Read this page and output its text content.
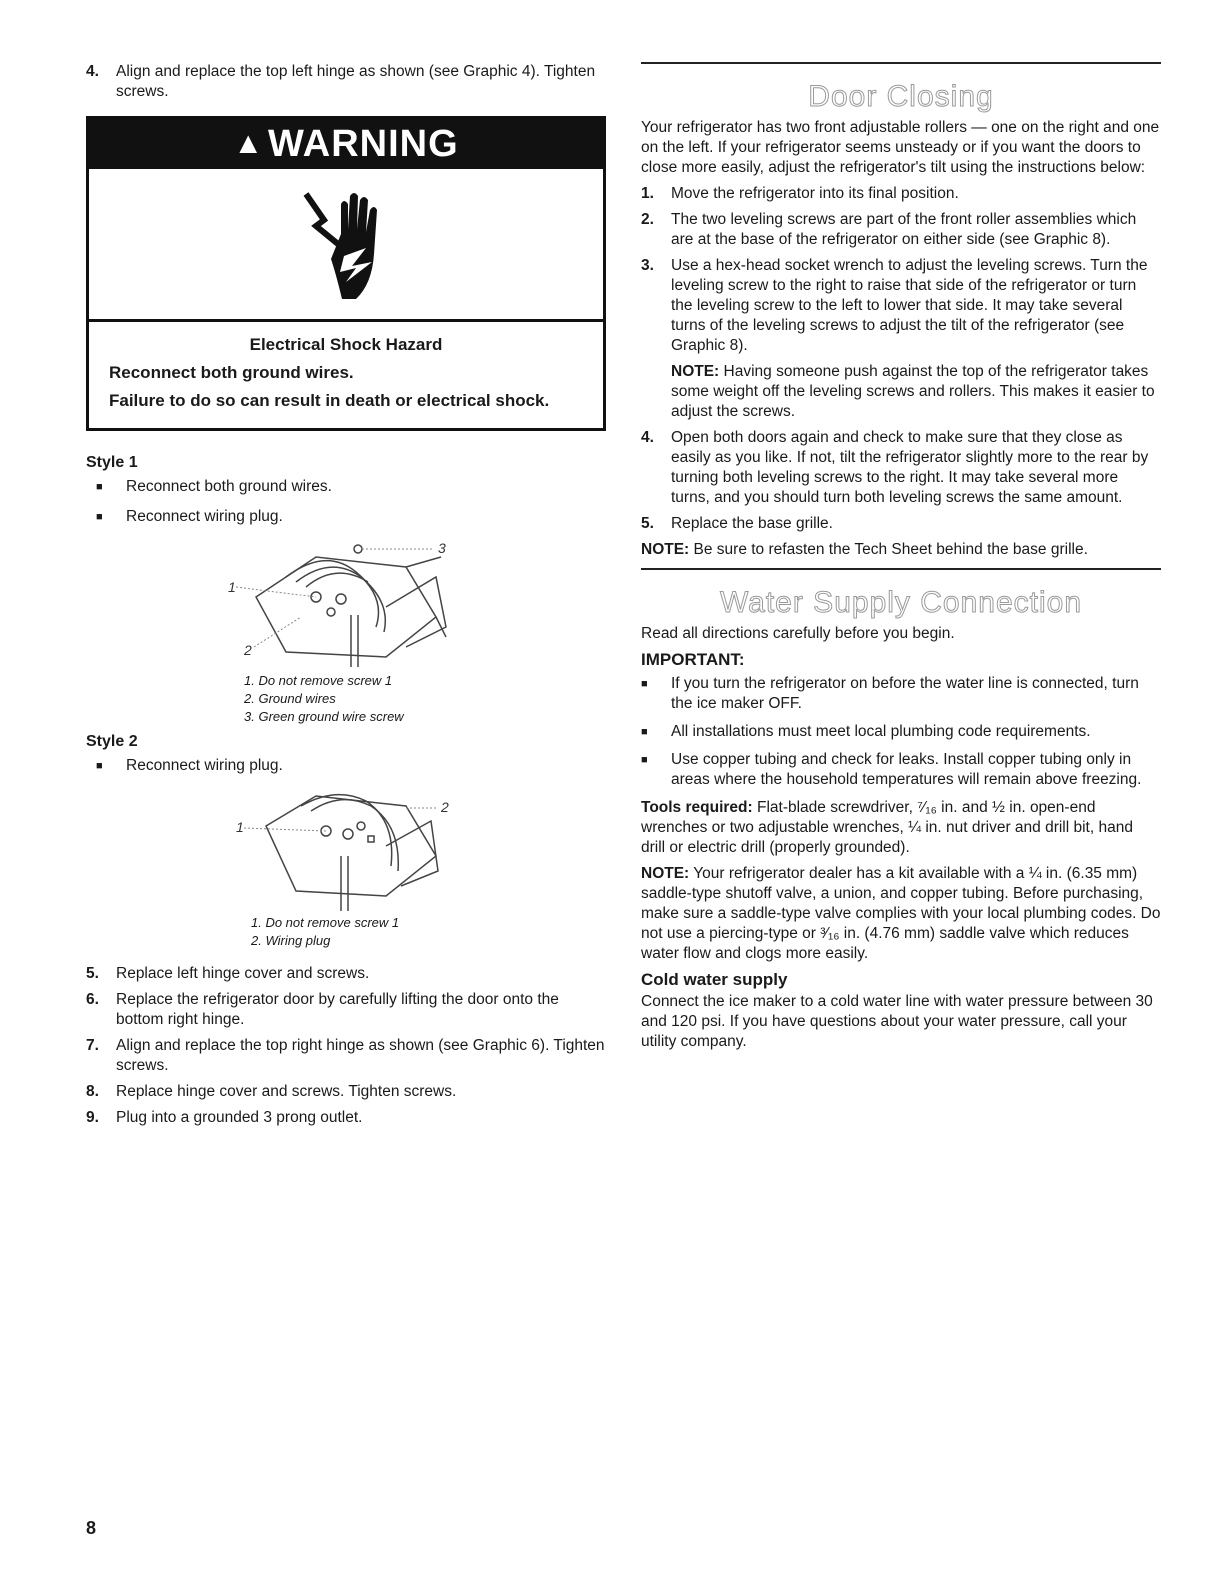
4.	Align and replace the top left hinge as shown (see Graphic 4). Tighten screws.
▲ WARNING
Electrical Shock Hazard

Reconnect both ground wires.

Failure to do so can result in death or electrical shock.

Style 1
■	Reconnect both ground wires.
■	Reconnect wiring plug.
1
2
3
1. Do not remove screw 1
2. Ground wires
3. Green ground wire screw
Style 2
■	Reconnect wiring plug.
1
2
1. Do not remove screw 1
2. Wiring plug
5.	Replace left hinge cover and screws.
6.	Replace the refrigerator door by carefully lifting the door onto the bottom right hinge.
7.	Align and replace the top right hinge as shown (see Graphic 6). Tighten screws.
8.	Replace hinge cover and screws. Tighten screws.
9.	Plug into a grounded 3 prong outlet.
Door Closing

Your refrigerator has two front adjustable rollers — one on the right and one on the left. If your refrigerator seems unsteady or if you want the doors to close more easily, adjust the refrigerator's tilt using the instructions below:

1.	Move the refrigerator into its final position.
2.	The two leveling screws are part of the front roller assemblies which are at the base of the refrigerator on either side (see Graphic 8).
3.	Use a hex-head socket wrench to adjust the leveling screws. Turn the leveling screw to the right to raise that side of the refrigerator or turn the leveling screw to the left to lower that side. It may take several turns of the leveling screws to adjust the tilt of the refrigerator (see Graphic 8).
NOTE: Having someone push against the top of the refrigerator takes some weight off the leveling screws and rollers. This makes it easier to adjust the screws.
4.	Open both doors again and check to make sure that they close as easily as you like. If not, tilt the refrigerator slightly more to the rear by turning both leveling screws to the right. It may take several more turns, and you should turn both leveling screws the same amount.
5.	Replace the base grille.
NOTE: Be sure to refasten the Tech Sheet behind the base grille.
Water Supply Connection

Read all directions carefully before you begin.

IMPORTANT:
■	If you turn the refrigerator on before the water line is connected, turn the ice maker OFF.
■	All installations must meet local plumbing code requirements.
■	Use copper tubing and check for leaks. Install copper tubing only in areas where the household temperatures will remain above freezing.
Tools required: Flat-blade screwdriver, ⁷⁄₁₆ in. and ½ in. open-end wrenches or two adjustable wrenches, ¼ in. nut driver and drill bit, hand drill or electric drill (properly grounded).
NOTE: Your refrigerator dealer has a kit available with a ¼ in. (6.35 mm) saddle-type shutoff valve, a union, and copper tubing. Before purchasing, make sure a saddle-type valve complies with your local plumbing codes. Do not use a piercing-type or ³⁄₁₆ in. (4.76 mm) saddle valve which reduces water flow and clogs more easily.
Cold water supply

Connect the ice maker to a cold water line with water pressure between 30 and 120 psi. If you have questions about your water pressure, call your utility company.

8
